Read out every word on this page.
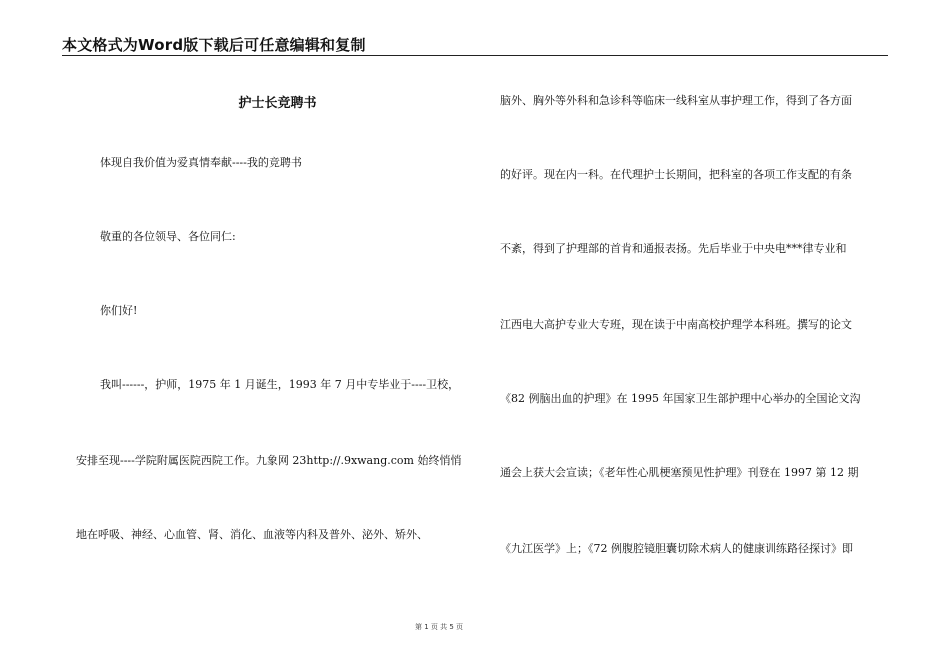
本文格式为Word版下载后可任意编辑和复制
护士长竞聘书
体现自我价值为爱真情奉献----我的竞聘书
敬重的各位领导、各位同仁:
你们好!
我叫------，护师，1975 年 1 月诞生，1993 年 7 月中专毕业于----卫校，
安排至现----学院附属医院西院工作。九象网 23http://.9xwang.com 始终悄悄
地在呼吸、神经、心血管、肾、消化、血液等内科及普外、泌外、矫外、
脑外、胸外等外科和急诊科等临床一线科室从事护理工作，得到了各方面
的好评。现在内一科。在代理护士长期间，把科室的各项工作支配的有条
不紊，得到了护理部的首肯和通报表扬。先后毕业于中央电***律专业和
江西电大高护专业大专班，现在读于中南高校护理学本科班。撰写的论文
《82 例脑出血的护理》在 1995 年国家卫生部护理中心举办的全国论文沟
通会上获大会宣读；《老年性心肌梗塞预见性护理》刊登在 1997 第 12 期
《九江医学》上；《72 例腹腔镜胆囊切除术病人的健康训练路径探讨》即
第 1 页 共 5 页
